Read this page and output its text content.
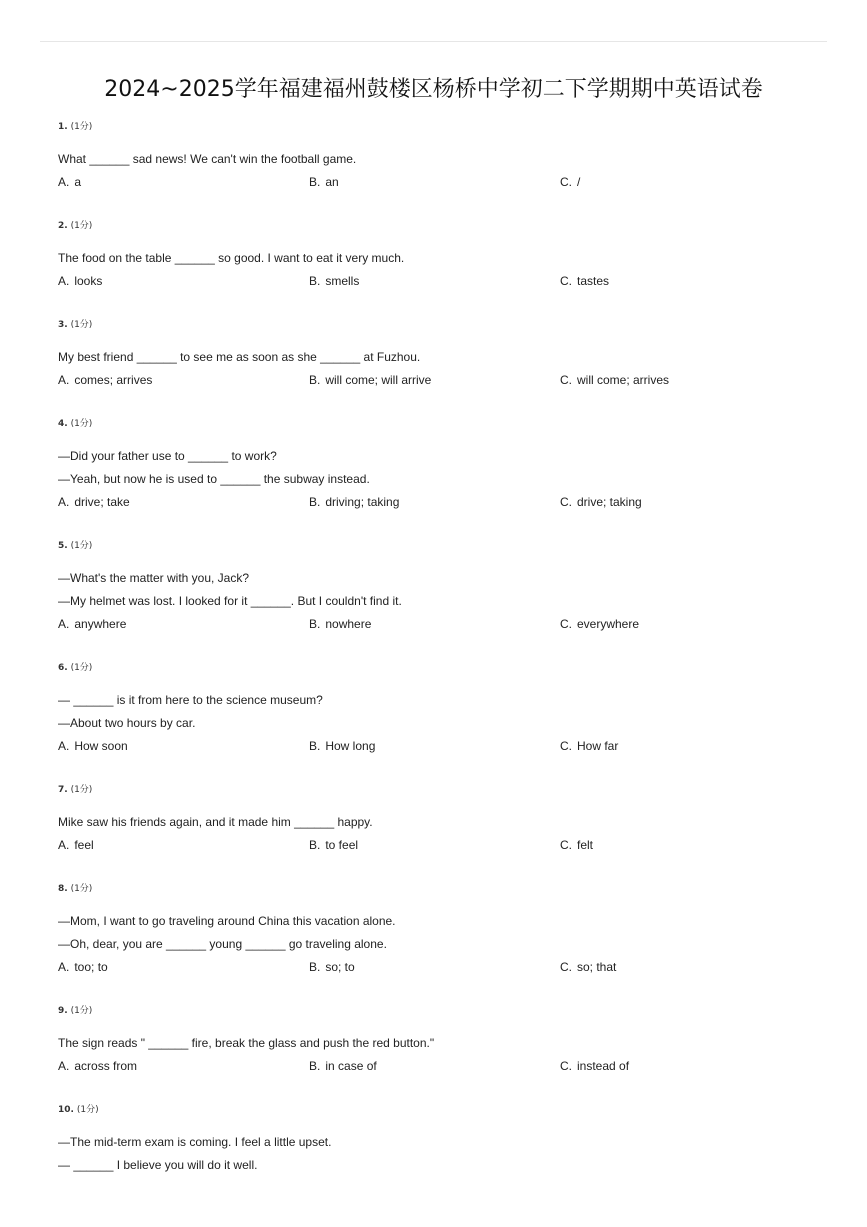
2024~2025学年福建福州鼓楼区杨桥中学初二下学期期中英语试卷
1. (1分)
What ______ sad news! We can't win the football game.
A. a	B. an	C. /
2. (1分)
The food on the table ______ so good. I want to eat it very much.
A. looks	B. smells	C. tastes
3. (1分)
My best friend ______ to see me as soon as she ______ at Fuzhou.
A. comes; arrives	B. will come; will arrive	C. will come; arrives
4. (1分)
—Did your father use to ______ to work?
—Yeah, but now he is used to ______ the subway instead.
A. drive; take	B. driving; taking	C. drive; taking
5. (1分)
—What's the matter with you, Jack?
—My helmet was lost. I looked for it ______. But I couldn't find it.
A. anywhere	B. nowhere	C. everywhere
6. (1分)
— ______ is it from here to the science museum?
—About two hours by car.
A. How soon	B. How long	C. How far
7. (1分)
Mike saw his friends again, and it made him ______ happy.
A. feel	B. to feel	C. felt
8. (1分)
—Mom, I want to go traveling around China this vacation alone.
—Oh, dear, you are ______ young ______ go traveling alone.
A. too; to	B. so; to	C. so; that
9. (1分)
The sign reads " ______ fire, break the glass and push the red button."
A. across from	B. in case of	C. instead of
10. (1分)
—The mid-term exam is coming. I feel a little upset.
— ______ I believe you will do it well.
